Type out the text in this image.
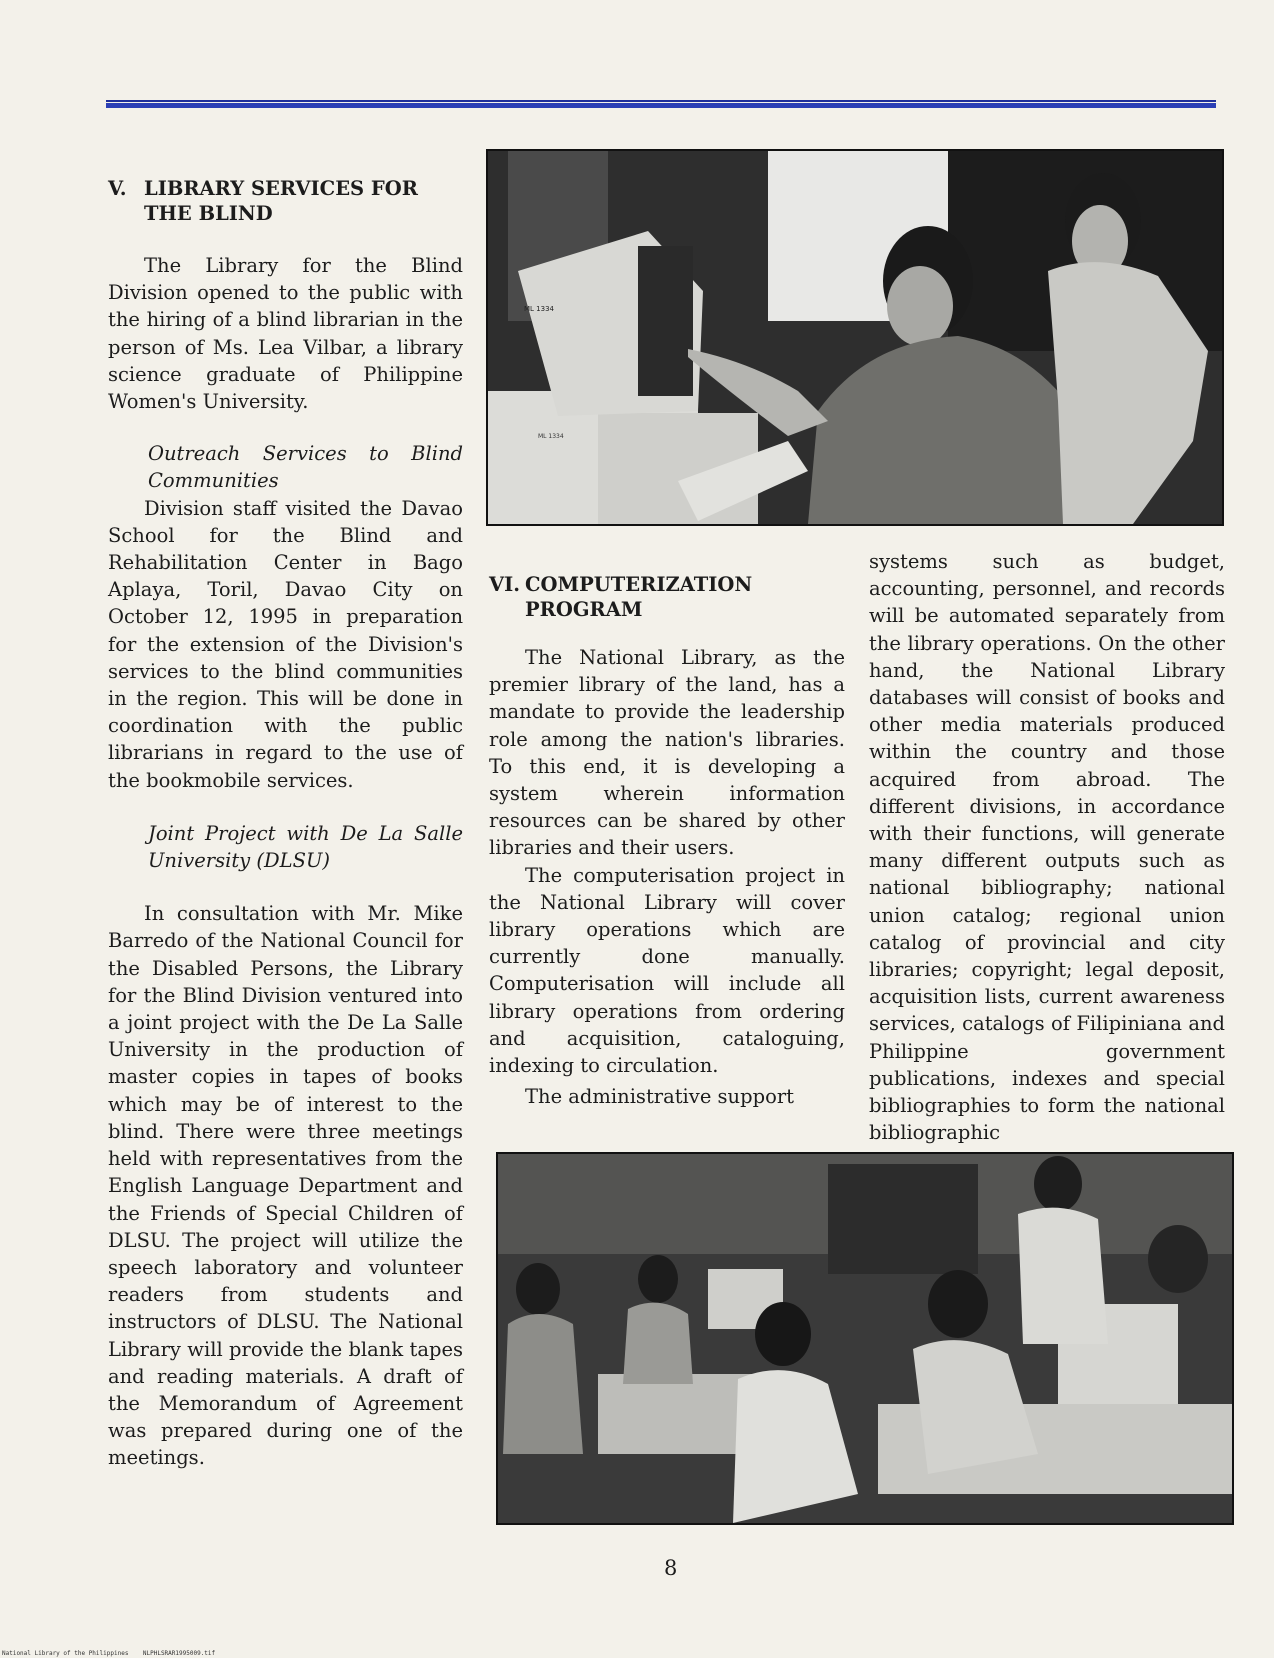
V. LIBRARY SERVICES FOR
THE BLIND

The Library for the Blind Division opened to the public with the hiring of a blind librarian in the person of Ms. Lea Vilbar, a library science graduate of Philippine Women's University.

Outreach Services to Blind Communities

Division staff visited the Davao School for the Blind and Rehabilitation Center in Bago Aplaya, Toril, Davao City on October 12, 1995 in preparation for the extension of the Division's services to the blind communities in the region. This will be done in coordination with the public librarians in regard to the use of the bookmobile services.

Joint Project with De La Salle University (DLSU)

In consultation with Mr. Mike Barredo of the National Council for the Disabled Persons, the Library for the Blind Division ventured into a joint project with the De La Salle University in the production of master copies in tapes of books which may be of interest to the blind. There were three meetings held with representatives from the English Language Department and the Friends of Special Children of DLSU. The project will utilize the speech laboratory and volunteer readers from students and instructors of DLSU. The National Library will provide the blank tapes and reading materials. A draft of the Memorandum of Agreement was prepared during one of the meetings.

VI. COMPUTERIZATION
PROGRAM

The National Library, as the premier library of the land, has a mandate to provide the leadership role among the nation's libraries. To this end, it is developing a system wherein information resources can be shared by other libraries and their users.

The computerisation project in the National Library will cover library operations which are currently done manually. Computerisation will include all library operations from ordering and acquisition, cataloguing, indexing to circulation.

The administrative support

systems such as budget, accounting, personnel, and records will be automated separately from the library operations. On the other hand, the National Library databases will consist of books and other media materials produced within the country and those acquired from abroad. The different divisions, in accordance with their functions, will generate many different outputs such as national bibliography; national union catalog; regional union catalog of provincial and city libraries; copyright; legal deposit, acquisition lists, current awareness services, catalogs of Filipiniana and Philippine government publications, indexes and special bibliographies to form the national bibliographic

ML 1334
ML 1334
8
National Library of the Philippines    NLPHLSRAR1995009.tif
